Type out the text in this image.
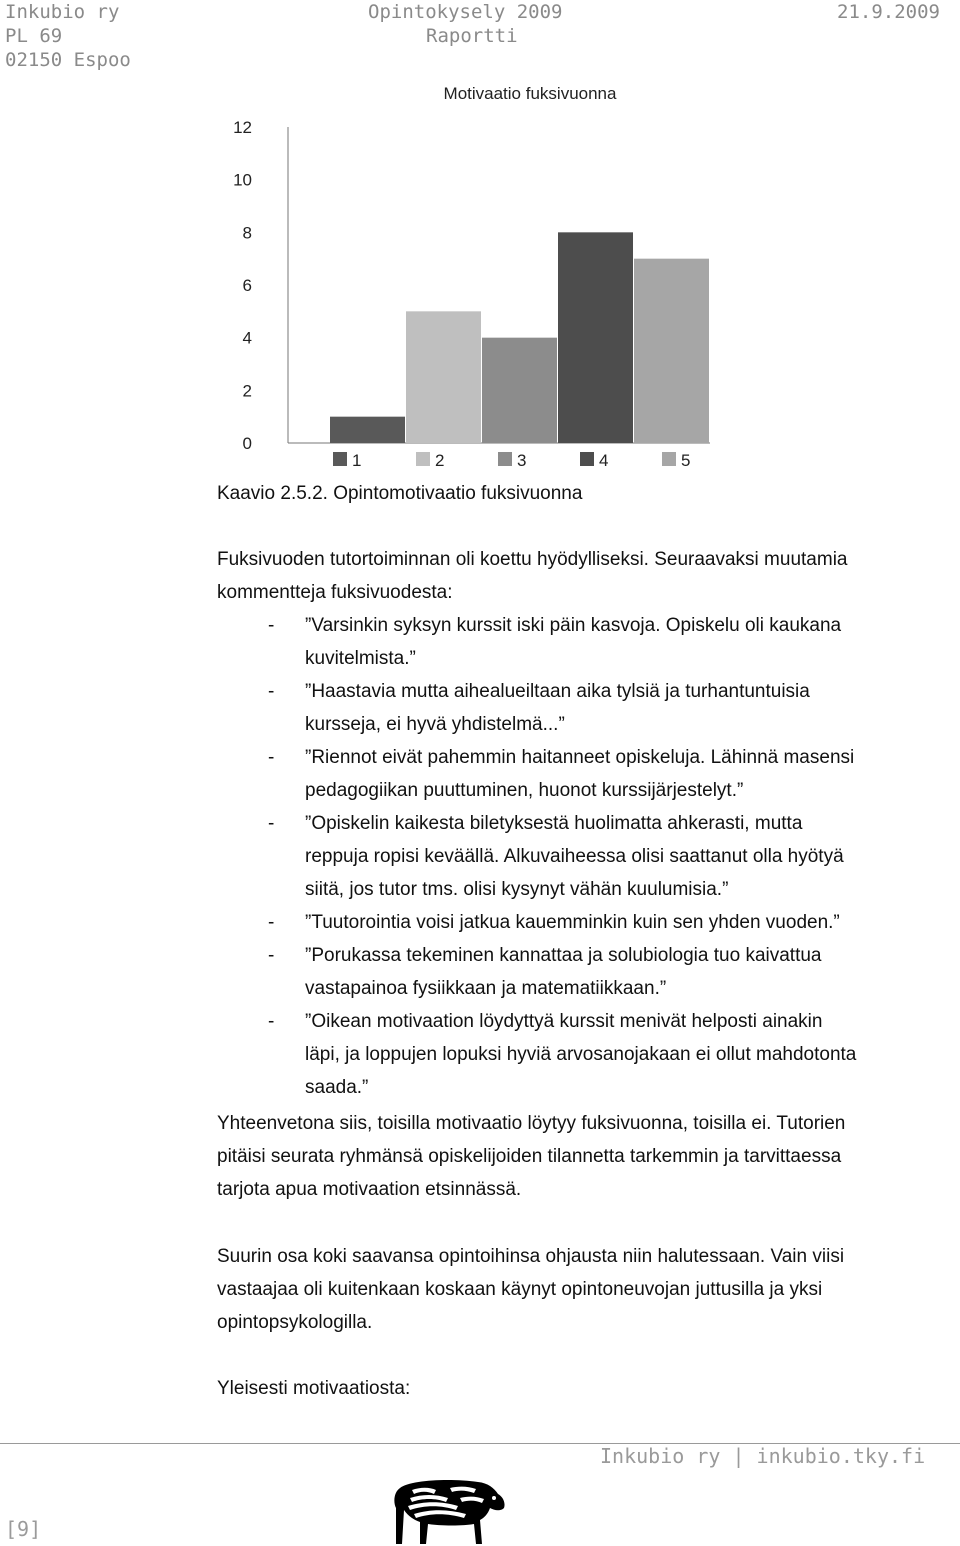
Inkubio ry
PL 69
02150 Espoo
Opintokysely 2009
Raportti
21.9.2009
Motivaatio fuksivuonna
0
2
4
6
8
10
12
1	2	3	4	5
Kaavio 2.5.2. Opintomotivaatio fuksivuonna
Fuksivuoden tutortoiminnan oli koettu hyödylliseksi. Seuraavaksi muutamia
kommentteja fuksivuodesta:
- ”Varsinkin syksyn kurssit iski päin kasvoja. Opiskelu oli kaukana
kuvitelmista.”
- ”Haastavia mutta aihealueiltaan aika tylsiä ja turhantuntuisia
kursseja, ei hyvä yhdistelmä...”
- ”Riennot eivät pahemmin haitanneet opiskeluja. Lähinnä masensi
pedagogiikan puuttuminen, huonot kurssijärjestelyt.”
- ”Opiskelin kaikesta biletyksestä huolimatta ahkerasti, mutta
reppuja ropisi keväällä. Alkuvaiheessa olisi saattanut olla hyötyä
siitä, jos tutor tms. olisi kysynyt vähän kuulumisia.”
- ”Tuutorointia voisi jatkua kauemminkin kuin sen yhden vuoden.”
- ”Porukassa tekeminen kannattaa ja solubiologia tuo kaivattua
vastapainoa fysiikkaan ja matematiikkaan.”
- ”Oikean motivaation löydyttyä kurssit menivät helposti ainakin
läpi, ja loppujen lopuksi hyviä arvosanojakaan ei ollut mahdotonta
saada.”
Yhteenvetona siis, toisilla motivaatio löytyy fuksivuonna, toisilla ei. Tutorien
pitäisi seurata ryhmänsä opiskelijoiden tilannetta tarkemmin ja tarvittaessa
tarjota apua motivaation etsinnässä.
Suurin osa koki saavansa opintoihinsa ohjausta niin halutessaan. Vain viisi
vastaajaa oli kuitenkaan koskaan käynyt opintoneuvojan juttusilla ja yksi
opintopsykologilla.
Yleisesti motivaatiosta:
Inkubio ry | inkubio.tky.fi
[9]
